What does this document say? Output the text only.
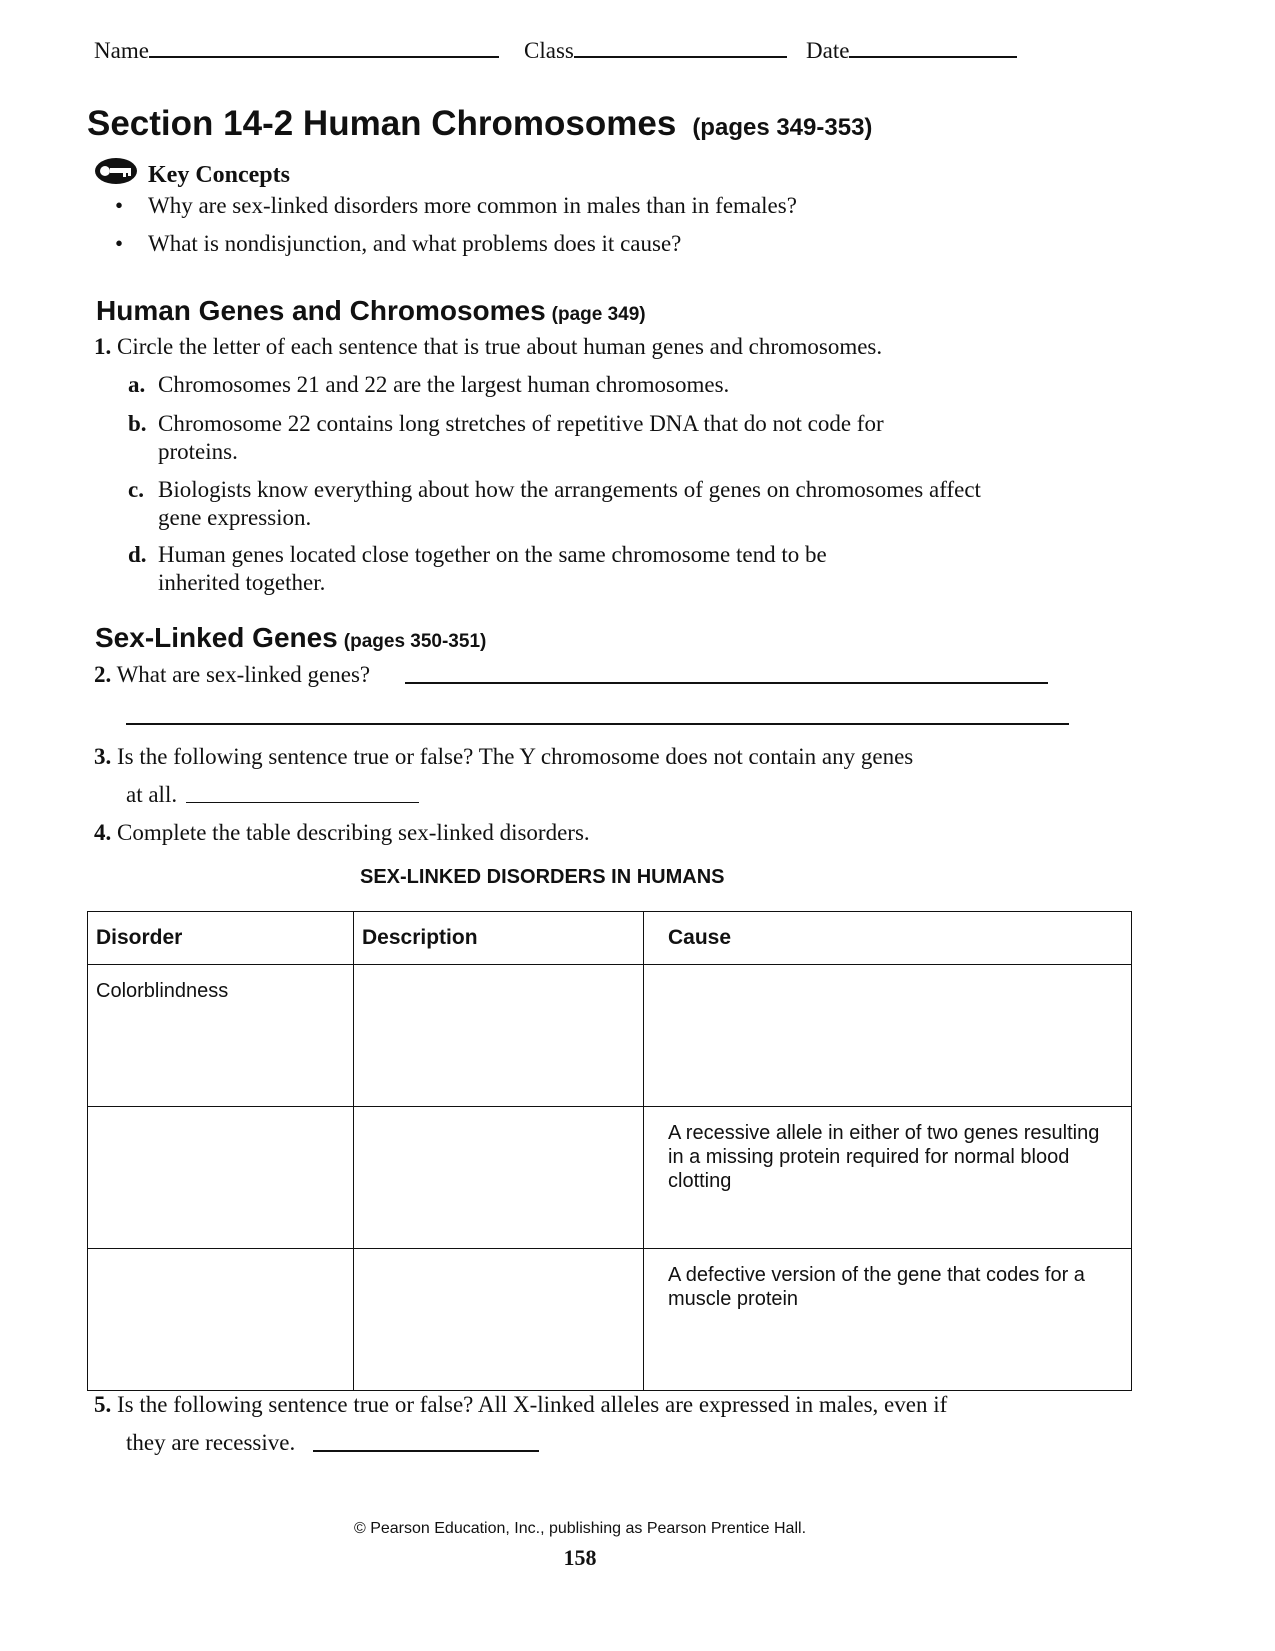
Name	Class	Date
Section 14-2 Human Chromosomes (pages 349-353)
Key Concepts
• Why are sex-linked disorders more common in males than in females?
• What is nondisjunction, and what problems does it cause?
Human Genes and Chromosomes (page 349)
1. Circle the letter of each sentence that is true about human genes and chromosomes.
a. Chromosomes 21 and 22 are the largest human chromosomes.
b. Chromosome 22 contains long stretches of repetitive DNA that do not code for proteins.
c. Biologists know everything about how the arrangements of genes on chromosomes affect gene expression.
d. Human genes located close together on the same chromosome tend to be inherited together.
Sex-Linked Genes (pages 350-351)
2. What are sex-linked genes?
3. Is the following sentence true or false? The Y chromosome does not contain any genes
at all.
4. Complete the table describing sex-linked disorders.
SEX-LINKED DISORDERS IN HUMANS
Disorder	Description	Cause
Colorblindness		
		A recessive allele in either of two genes resulting in a missing protein required for normal blood clotting
		A defective version of the gene that codes for a muscle protein
5. Is the following sentence true or false? All X-linked alleles are expressed in males, even if
they are recessive.
© Pearson Education, Inc., publishing as Pearson Prentice Hall.
158
